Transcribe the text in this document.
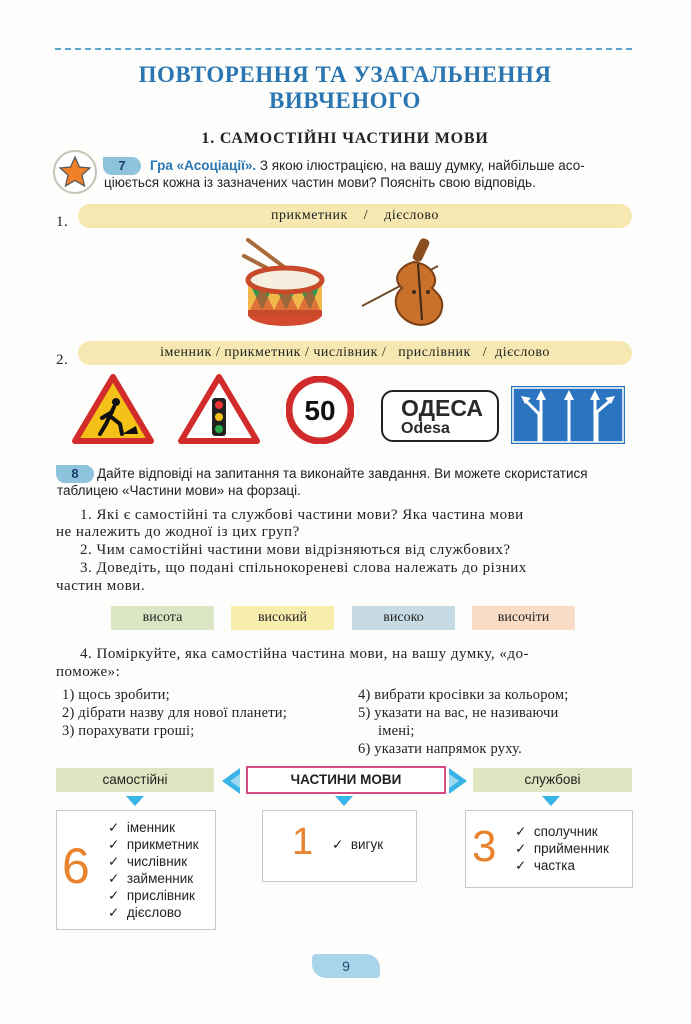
ПОВТОРЕННЯ ТА УЗАГАЛЬНЕННЯ
ВИВЧЕНОГО
1. САМОСТІЙНІ ЧАСТИНИ МОВИ
7	Гра «Асоціації». З якою ілюстрацією, на вашу думку, найбільше асо-
ціюється кожна із зазначених частин мови? Поясніть свою відповідь.
1.	прикметник    /    дієслово
2.	іменник / прикметник / числівник /   прислівник   /  дієслово
50	ОДЕСА
Odesa
8	Дайте відповіді на запитання та виконайте завдання. Ви можете скористатися
таблицею «Частини мови» на форзаці.
1. Які є самостійні та службові частини мови? Яка частина мови
не належить до жодної із цих груп?
2. Чим самостійні частини мови відрізняються від службових?
3. Доведіть, що подані спільнокореневі слова належать до різних
частин мови.
висота	високий	високо	височіти
4. Поміркуйте, яка самостійна частина мови, на вашу думку, «до-
поможе»:
1) щось зробити;
2) дібрати назву для нової планети;
3) порахувати гроші;
4) вибрати кросівки за кольором;
5) указати на вас, не називаючи
імені;
6) указати напрямок руху.
самостійні	службові
ЧАСТИНИ МОВИ
6
✓ іменник
✓ прикметник
✓ числівник
✓ займенник
✓ прислівник
✓ дієслово
1 ✓ вигук 3 ✓ сполучник
✓ прийменник
✓ частка
9
